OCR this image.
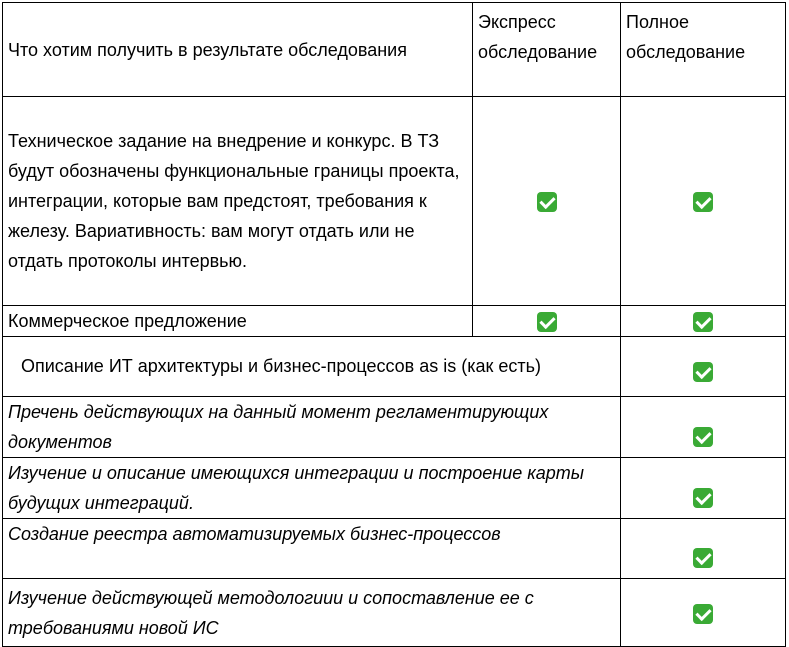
Что хотим получить в результате обследования	Экспресс обследование	Полное обследование
Техническое задание на внедрение и конкурс. В ТЗ будут обозначены функциональные границы проекта, интеграции, которые вам предстоят, требования к железу. Вариативность: вам могут отдать или не отдать протоколы интервью.		
Коммерческое предложение		
Описание ИТ архитектуры и бизнес-процессов as is (как есть)		
Пречень действующих на данный момент регламентирующих документов		
Изучение и описание имеющихся интеграции и построение карты будущих интеграций.		
Создание реестра автоматизируемых бизнес-процессов		
Изучение действующей методологиии и сопоставление ее с требованиями новой ИС		
